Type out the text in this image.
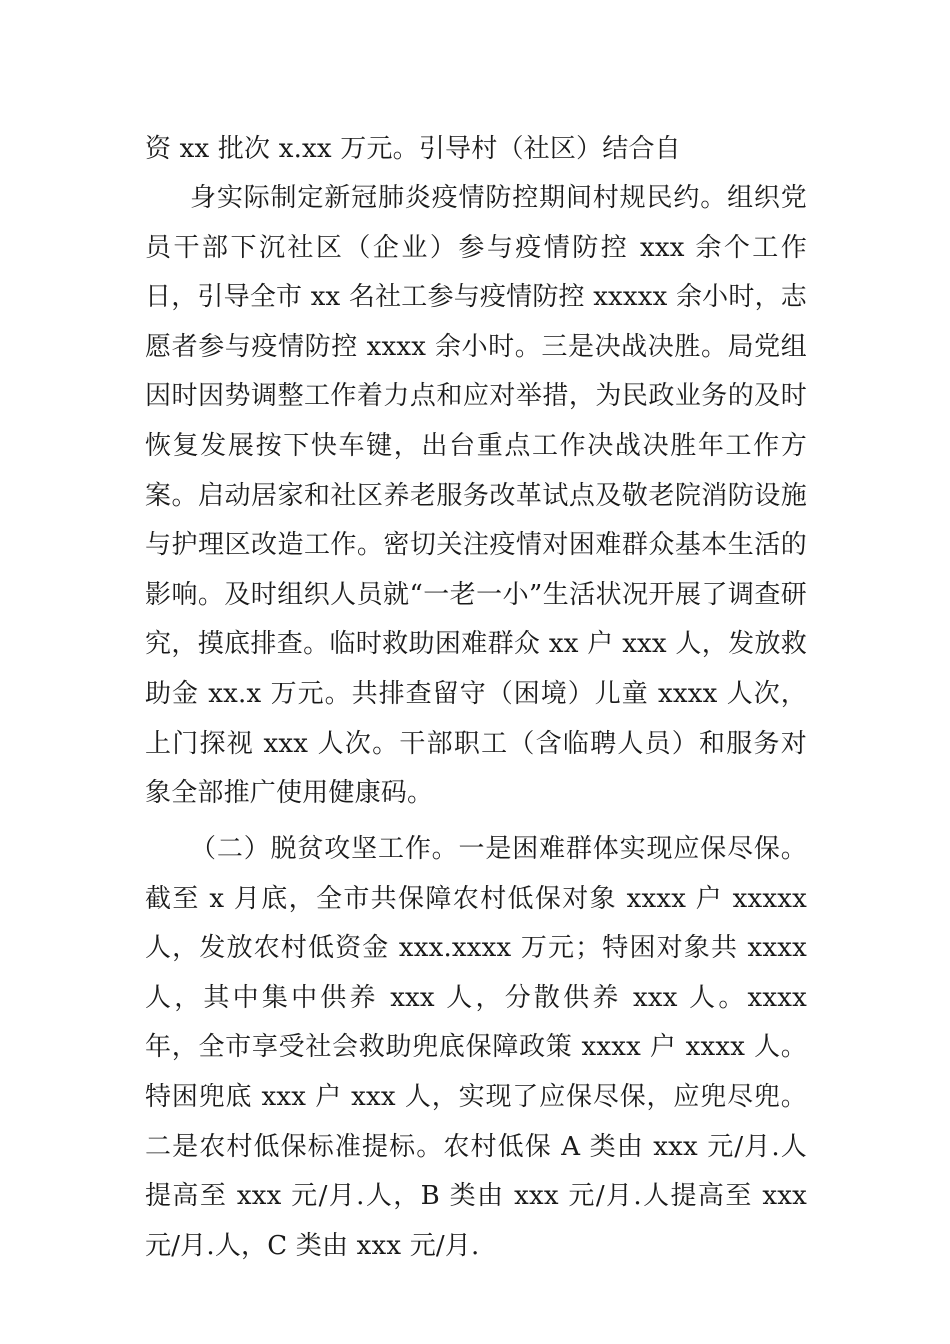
资 xx 批次 x.xx 万元。引导村（社区）结合自

身实际制定新冠肺炎疫情防控期间村规民约。组织党员干部下沉社区（企业）参与疫情防控 xxx 余个工作日，引导全市 xx 名社工参与疫情防控 xxxxx 余小时，志愿者参与疫情防控 xxxx 余小时。三是决战决胜。局党组因时因势调整工作着力点和应对举措，为民政业务的及时恢复发展按下快车键，出台重点工作决战决胜年工作方案。启动居家和社区养老服务改革试点及敬老院消防设施与护理区改造工作。密切关注疫情对困难群众基本生活的影响。及时组织人员就“一老一小”生活状况开展了调查研究，摸底排查。临时救助困难群众 xx 户 xxx 人，发放救助金 xx.x 万元。共排查留守（困境）儿童 xxxx 人次，上门探视 xxx 人次。干部职工（含临聘人员）和服务对象全部推广使用健康码。

（二）脱贫攻坚工作。一是困难群体实现应保尽保。截至 x 月底，全市共保障农村低保对象 xxxx 户 xxxxx 人，发放农村低资金 xxx.xxxx 万元；特困对象共 xxxx 人，其中集中供养 xxx 人，分散供养 xxx 人。xxxx 年，全市享受社会救助兜底保障政策 xxxx 户 xxxx 人。特困兜底 xxx 户 xxx 人，实现了应保尽保，应兜尽兜。二是农村低保标准提标。农村低保 A 类由 xxx 元/月.人提高至 xxx 元/月.人，B 类由 xxx 元/月.人提高至 xxx 元/月.人，C 类由 xxx 元/月.
